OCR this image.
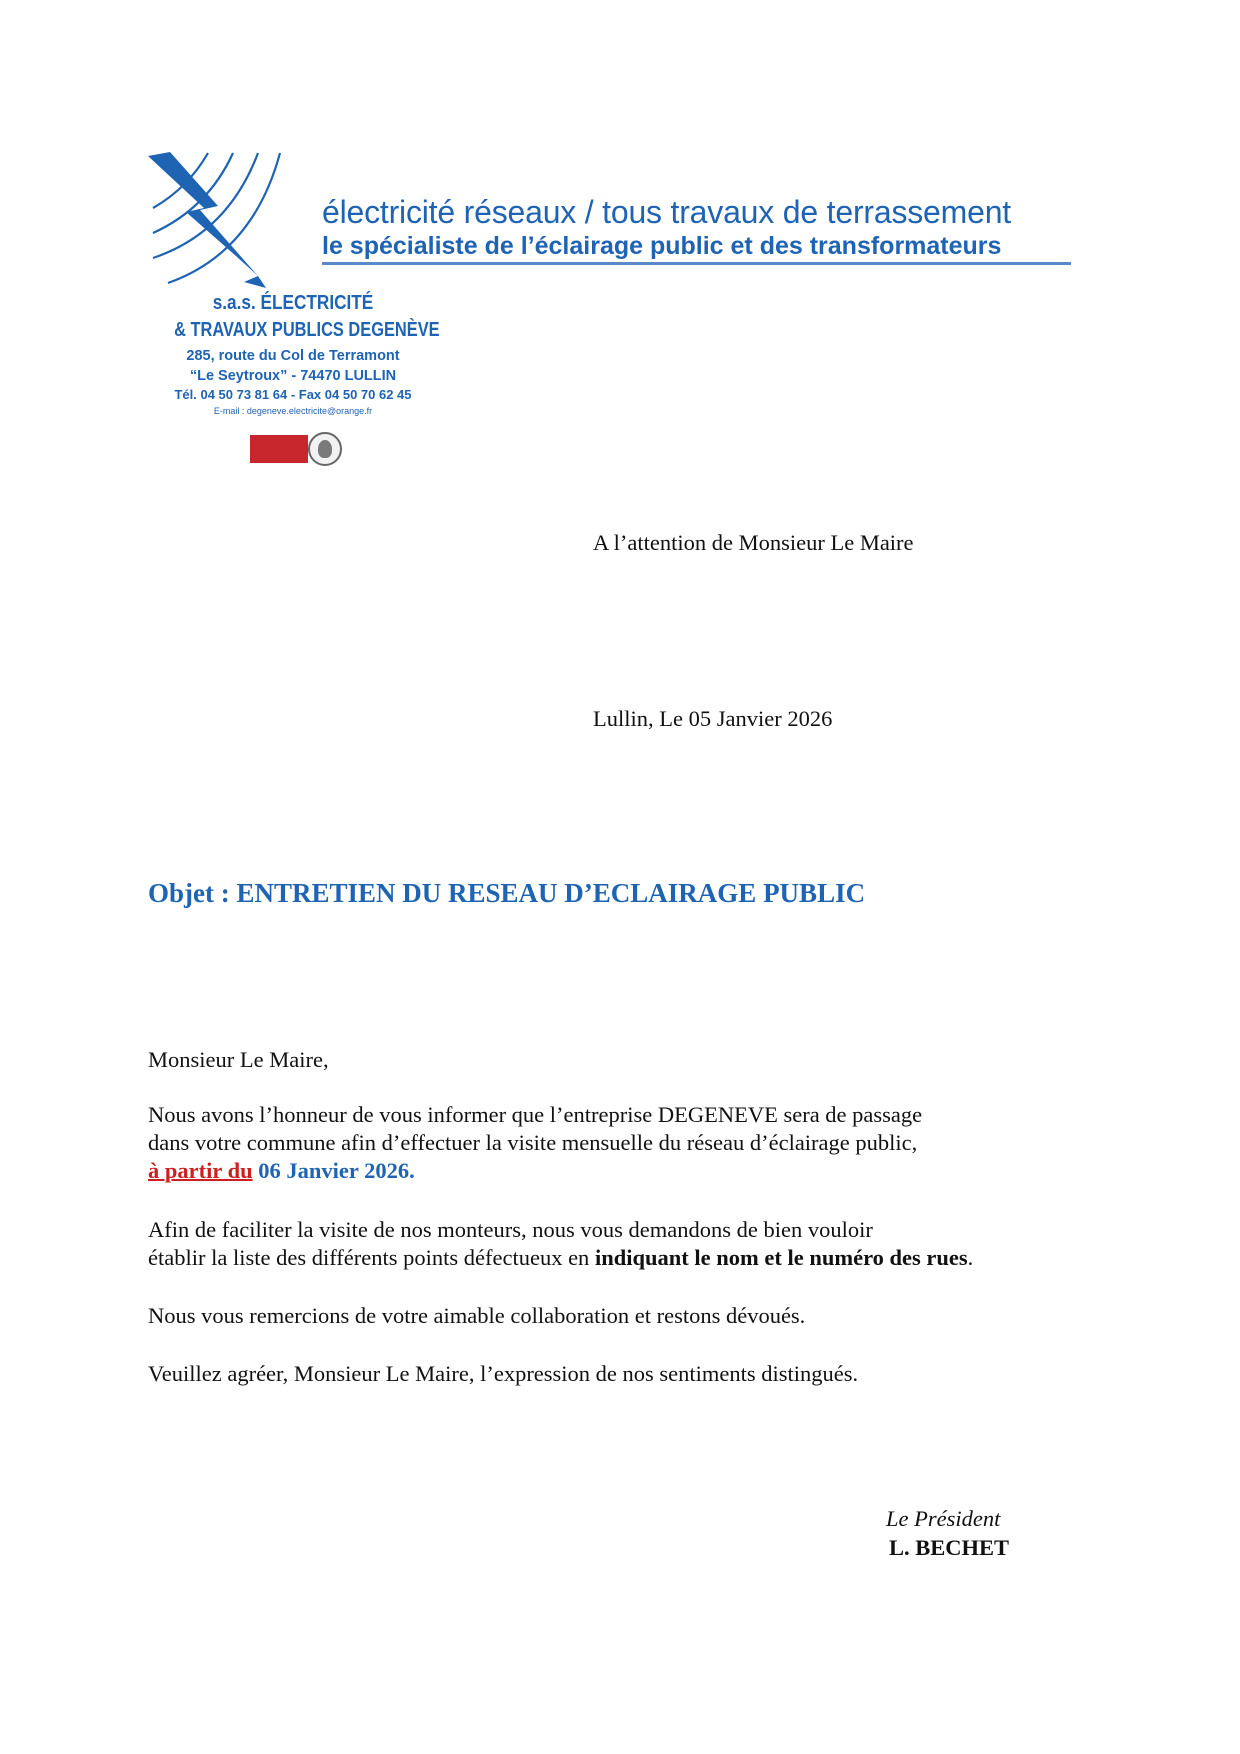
électricité réseaux / tous travaux de terrassement
le spécialiste de l’éclairage public et des transformateurs
s.a.s. ÉLECTRICITÉ
& TRAVAUX PUBLICS DEGENÈVE
285, route du Col de Terramont
“Le Seytroux” - 74470 LULLIN
Tél. 04 50 73 81 64 - Fax 04 50 70 62 45
E-mail : degeneve.electricite@orange.fr
A l’attention de Monsieur Le Maire
Lullin, Le 05 Janvier 2026
Objet : ENTRETIEN DU RESEAU D’ECLAIRAGE PUBLIC
Monsieur Le Maire,
Nous avons l’honneur de vous informer que l’entreprise DEGENEVE sera de passage
dans votre commune afin d’effectuer la visite mensuelle du réseau d’éclairage public,
à partir du 06 Janvier 2026.
Afin de faciliter la visite de nos monteurs, nous vous demandons de bien vouloir
établir la liste des différents points défectueux en indiquant le nom et le numéro des rues.
Nous vous remercions de votre aimable collaboration et restons dévoués.
Veuillez agréer, Monsieur Le Maire, l’expression de nos sentiments distingués.
Le Président
L. BECHET
